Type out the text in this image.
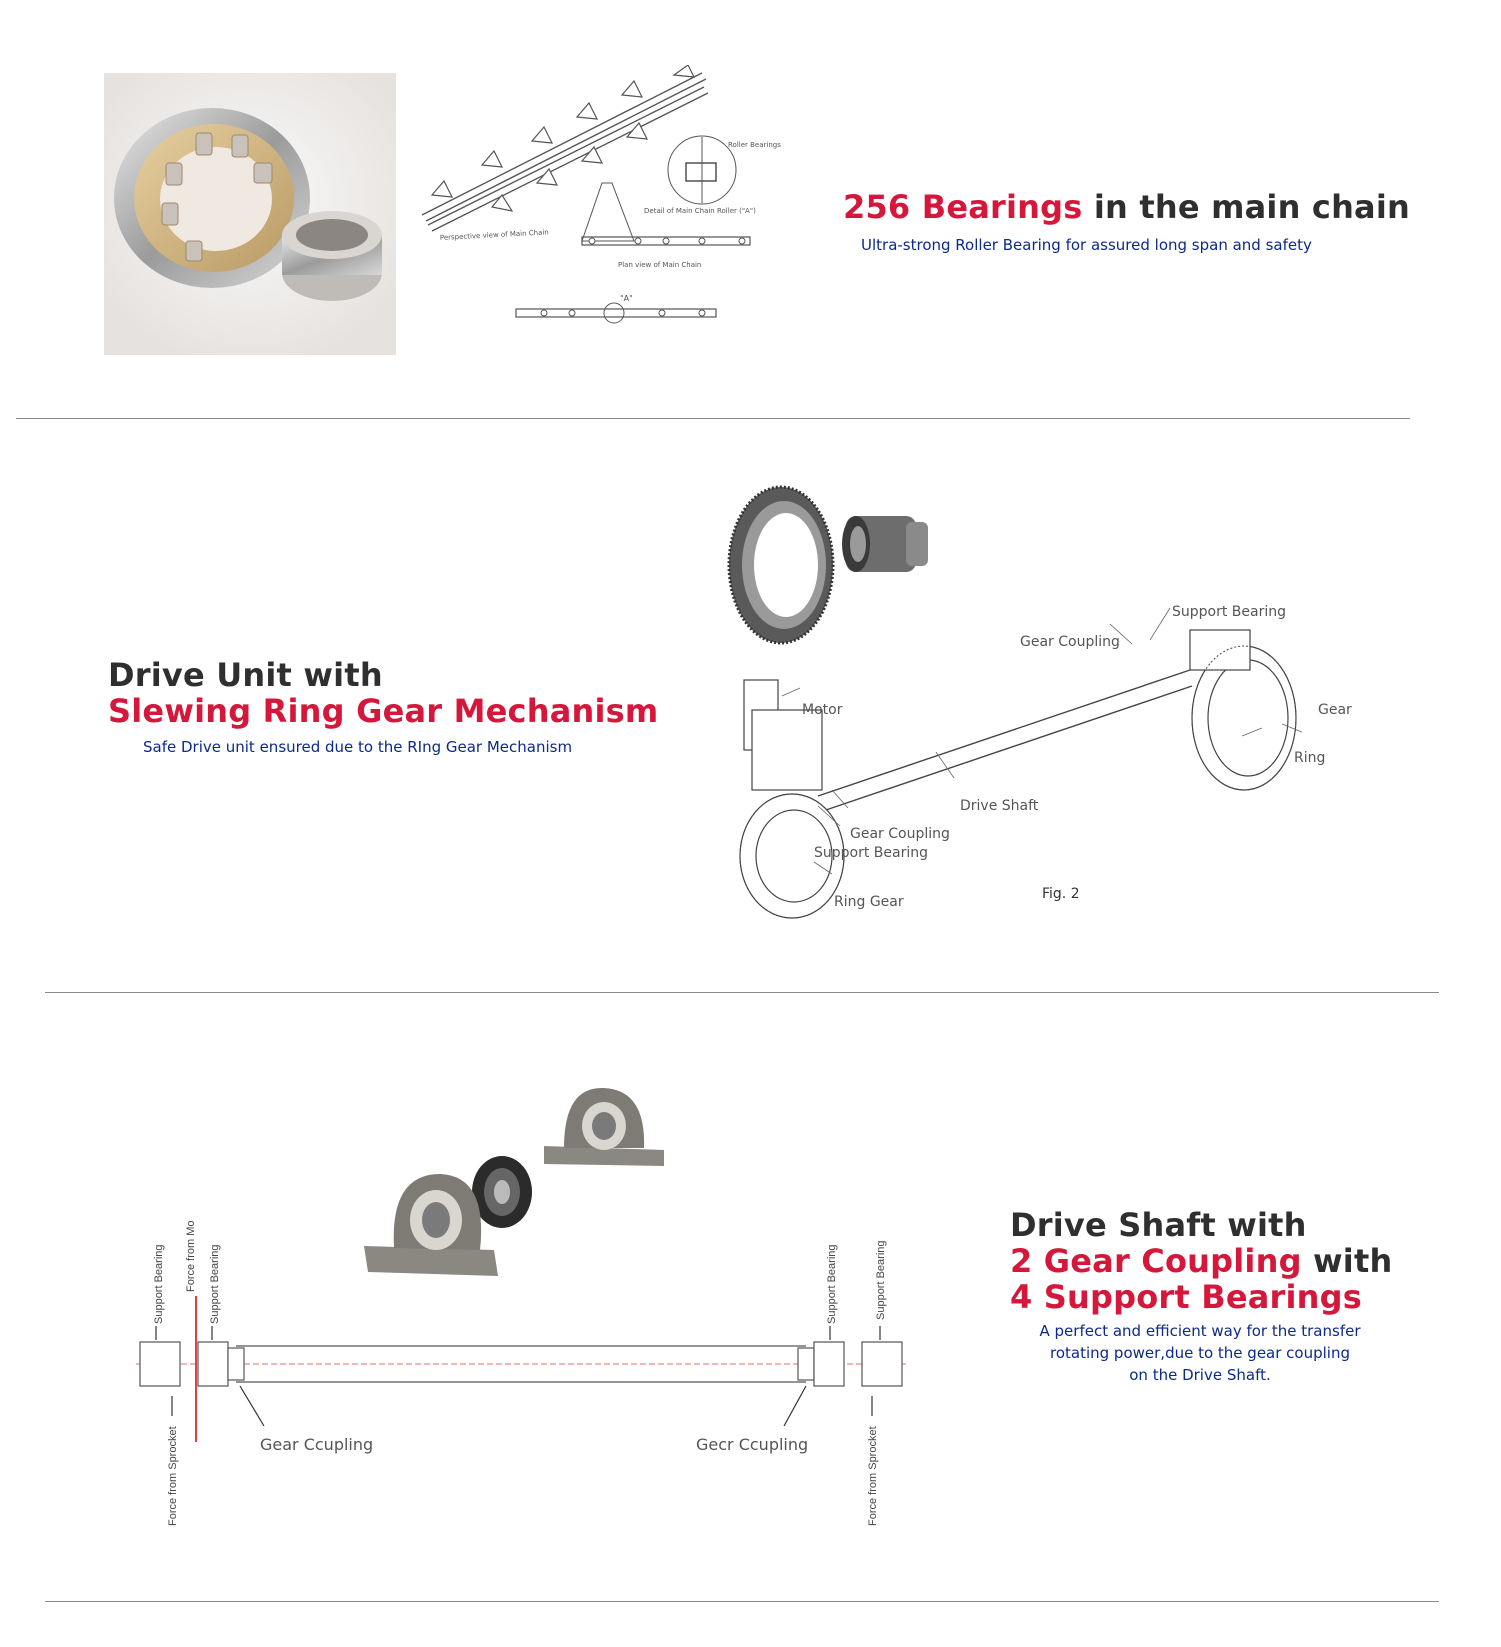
Perspective view of Main Chain
Roller Bearings
Detail of Main Chain Roller ("A")
Plan view of Main Chain
"A"
256 Bearings in the main chain
Ultra-strong Roller Bearing for assured long span and safety
Drive Unit with
Slewing Ring Gear Mechanism
Safe Drive unit ensured due to the RIng Gear Mechanism
Support Bearing
Gear Coupling
Gear
Ring
Motor
Drive Shaft
Gear Coupling
Support Bearing
Ring Gear	Fig. 2
Support Bearing Force from Mo Support Bearing	Support Bearing	Support Bearing
Force from Sprocket	Force from Sprocket
Gear Ccupling	Gecr Ccupling
Drive Shaft with
2 Gear Coupling with
4 Support Bearings
A perfect and efficient way for the transfer
rotating power,due to the gear coupling
on the Drive Shaft.
